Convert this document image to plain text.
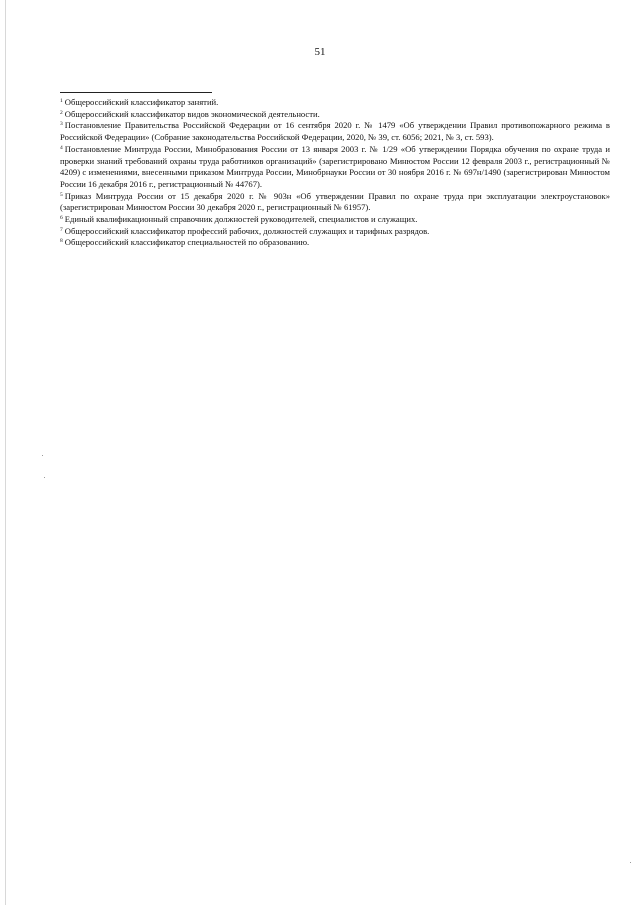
51

$^1$ Общероссийский классификатор занятий.

$^2$ Общероссийский классификатор видов экономической деятельности.

$^3$ Постановление Правительства Российской Федерации от 16 сентября 2020 г. № 1479 «Об утверждении Правил противопожарного режима в Российской Федерации» (Собрание законодательства Российской Федерации, 2020, № 39, ст. 6056; 2021, № 3, ст. 593).

$^4$ Постановление Минтруда России, Минобразования России от 13 января 2003 г. № 1/29 «Об утверждении Порядка обучения по охране труда и проверки знаний требований охраны труда работников организаций» (зарегистрировано Минюстом России 12 февраля 2003 г., регистрационный № 4209) с изменениями, внесенными приказом Минтруда России, Минобрнауки России от 30 ноября 2016 г. № 697н/1490 (зарегистрирован Минюстом России 16 декабря 2016 г., регистрационный № 44767).

$^5$ Приказ Минтруда России от 15 декабря 2020 г. № 903н «Об утверждении Правил по охране труда при эксплуатации электроустановок» (зарегистрирован Минюстом России 30 декабря 2020 г., регистрационный № 61957).

$^6$ Единый квалификационный справочник должностей руководителей, специалистов и служащих.

$^7$ Общероссийский классификатор профессий рабочих, должностей служащих и тарифных разрядов.

$^8$ Общероссийский классификатор специальностей по образованию.
